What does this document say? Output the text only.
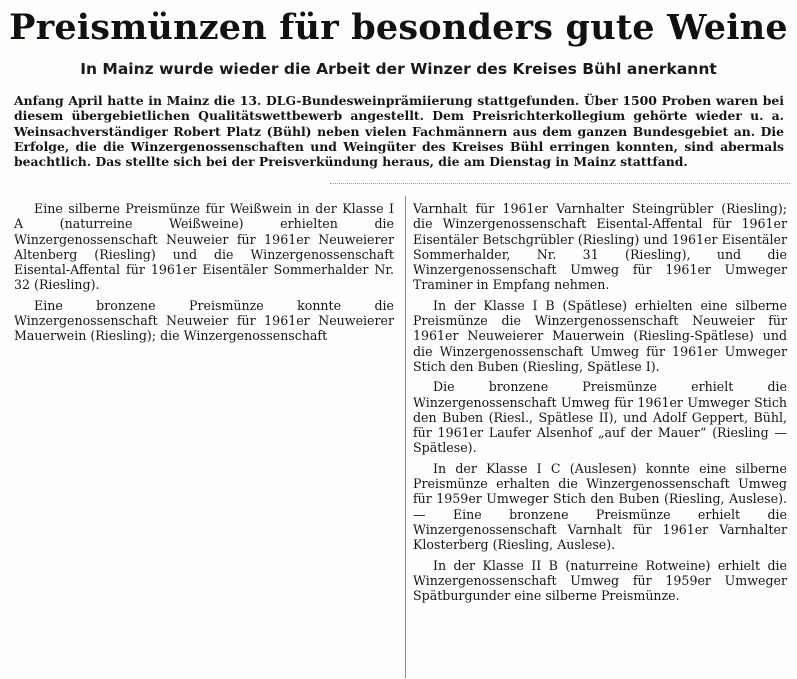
Preismünzen für besonders gute Weine
In Mainz wurde wieder die Arbeit der Winzer des Kreises Bühl anerkannt

Anfang April hatte in Mainz die 13. DLG-Bundesweinprämiierung stattgefunden. Über 1500 Proben waren bei diesem übergebietlichen Qualitätswettbewerb angestellt. Dem Preisrichterkollegium gehörte wieder u. a. Weinsachverständiger Robert Platz (Bühl) neben vielen Fachmännern aus dem ganzen Bundesgebiet an. Die Erfolge, die die Winzergenossenschaften und Weingüter des Kreises Bühl erringen konnten, sind abermals beachtlich. Das stellte sich bei der Preisverkündung heraus, die am Dienstag in Mainz stattfand.

Eine silberne Preismünze für Weißwein in der Klasse I A (naturreine Weißweine) erhielten die Winzergenossenschaft Neuweier für 1961er Neuweierer Altenberg (Riesling) und die Winzergenossenschaft Eisental-Affental für 1961er Eisentäler Sommerhalder Nr. 32 (Riesling).

Eine bronzene Preismünze konnte die Winzergenossenschaft Neuweier für 1961er Neuweierer Mauerwein (Riesling); die Winzergenossenschaft

Varnhalt für 1961er Varnhalter Steingrübler (Riesling); die Winzergenossenschaft Eisental-Affental für 1961er Eisentäler Betschgrübler (Riesling) und 1961er Eisentäler Sommerhalder, Nr. 31 (Riesling), und die Winzergenossenschaft Umweg für 1961er Umweger Traminer in Empfang nehmen.

In der Klasse I B (Spätlese) erhielten eine silberne Preismünze die Winzergenossenschaft Neuweier für 1961er Neuweierer Mauerwein (Riesling-Spätlese) und die Winzergenossenschaft Umweg für 1961er Umweger Stich den Buben (Riesling, Spätlese I).

Die bronzene Preismünze erhielt die Winzergenossenschaft Umweg für 1961er Umweger Stich den Buben (Riesl., Spätlese II), und Adolf Geppert, Bühl, für 1961er Laufer Alsenhof „auf der Mauer“ (Riesling — Spätlese).

In der Klasse I C (Auslesen) konnte eine silberne Preismünze erhalten die Winzergenossenschaft Umweg für 1959er Umweger Stich den Buben (Riesling, Auslese). — Eine bronzene Preismünze erhielt die Winzergenossenschaft Varnhalt für 1961er Varnhalter Klosterberg (Riesling, Auslese).

In der Klasse II B (naturreine Rotweine) erhielt die Winzergenossenschaft Umweg für 1959er Umweger Spätburgunder eine silberne Preismünze.
